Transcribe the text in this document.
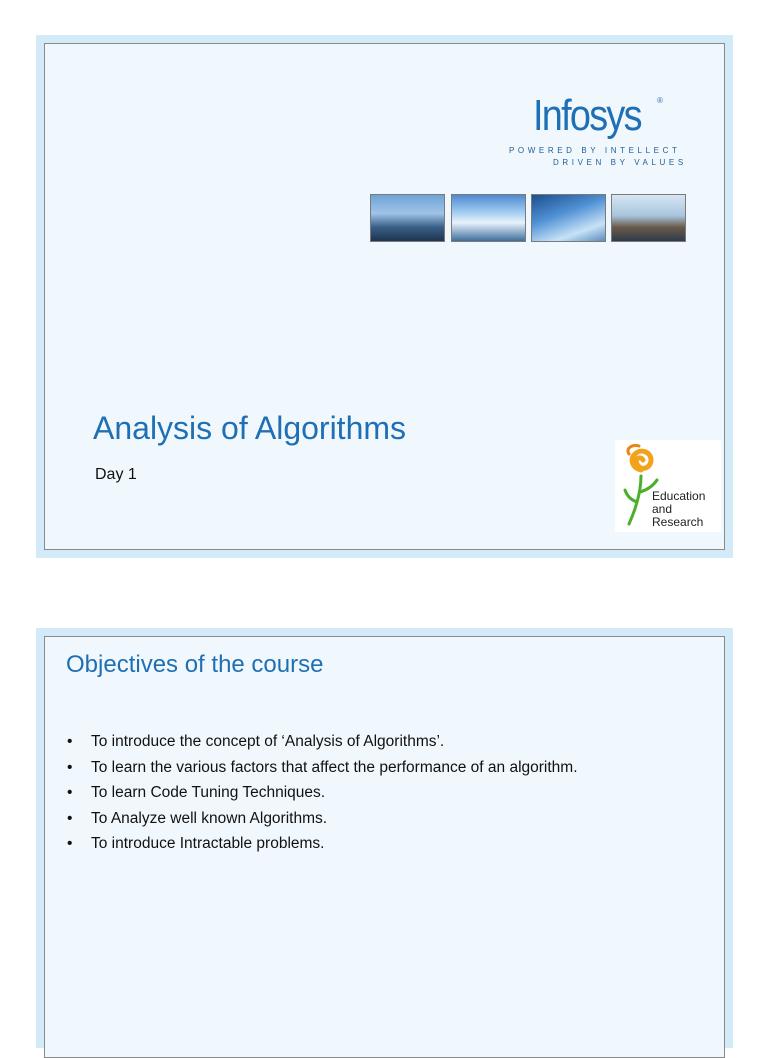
Infosys ®
POWERED BY INTELLECT
DRIVEN BY VALUES
Analysis of Algorithms
Day 1
Education
and
Research
Objectives of the course
• To introduce the concept of ‘Analysis of Algorithms’.
• To learn the various factors that affect the performance of an algorithm.
• To learn Code Tuning Techniques.
• To Analyze well known Algorithms.
• To introduce Intractable problems.
